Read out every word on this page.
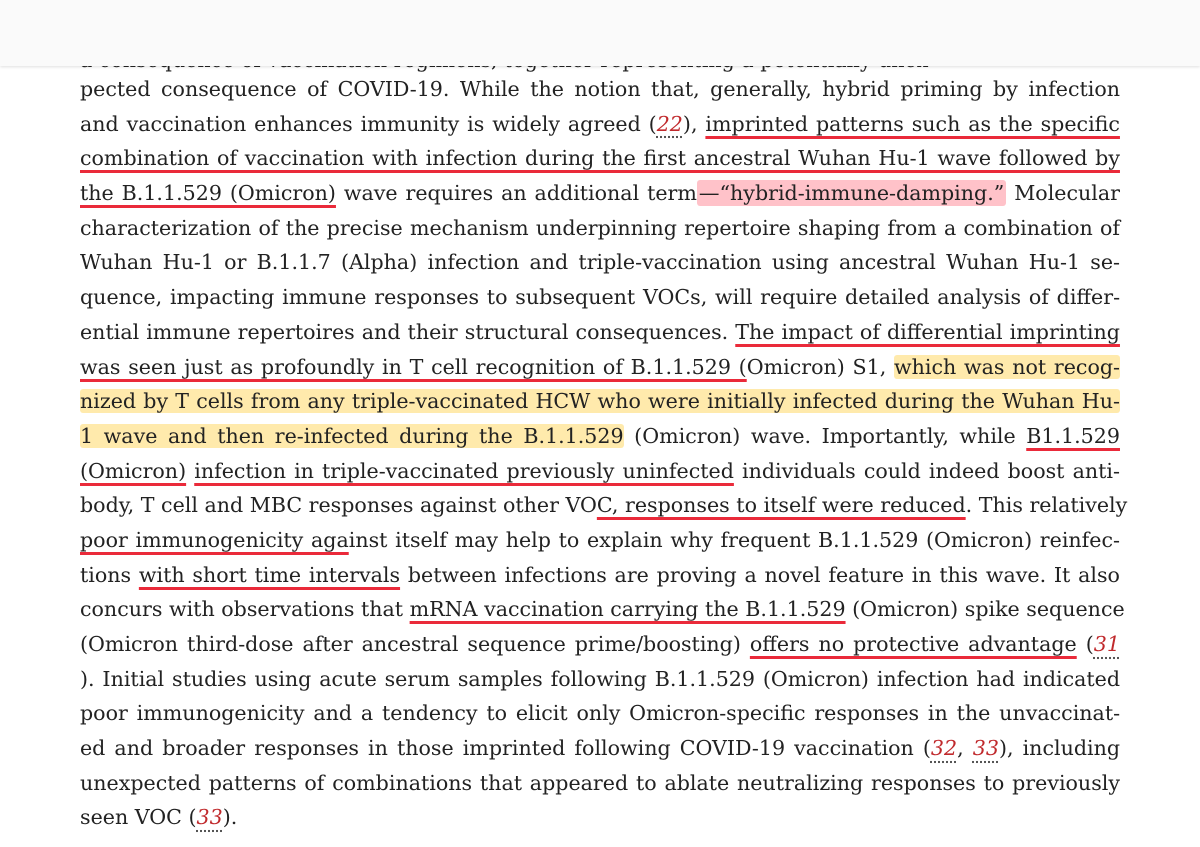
pected consequence of COVID-19. While the notion that, generally, hybrid priming by infection
and vaccination enhances immunity is widely agreed (22), imprinted patterns such as the specific
combination of vaccination with infection during the first ancestral Wuhan Hu-1 wave followed by
the B.1.1.529 (Omicron) wave requires an additional term—“hybrid-immune-damping.” Molecular
characterization of the precise mechanism underpinning repertoire shaping from a combination of
Wuhan Hu-1 or B.1.1.7 (Alpha) infection and triple-vaccination using ancestral Wuhan Hu-1 se-
quence, impacting immune responses to subsequent VOCs, will require detailed analysis of differ-
ential immune repertoires and their structural consequences. The impact of differential imprinting
was seen just as profoundly in T cell recognition of B.1.1.529 (Omicron) S1, which was not recog-
nized by T cells from any triple-vaccinated HCW who were initially infected during the Wuhan Hu-
1 wave and then re-infected during the B.1.1.529 (Omicron) wave. Importantly, while B1.1.529
(Omicron) infection in triple-vaccinated previously uninfected individuals could indeed boost anti-
body, T cell and MBC responses against other VOC, responses to itself were reduced. This relatively
poor immunogenicity against itself may help to explain why frequent B.1.1.529 (Omicron) reinfec-
tions with short time intervals between infections are proving a novel feature in this wave. It also
concurs with observations that mRNA vaccination carrying the B.1.1.529 (Omicron) spike sequence
(Omicron third-dose after ancestral sequence prime/boosting) offers no protective advantage (31
). Initial studies using acute serum samples following B.1.1.529 (Omicron) infection had indicated
poor immunogenicity and a tendency to elicit only Omicron-specific responses in the unvaccinat-
ed and broader responses in those imprinted following COVID-19 vaccination (32, 33), including
unexpected patterns of combinations that appeared to ablate neutralizing responses to previously
seen VOC (33).
